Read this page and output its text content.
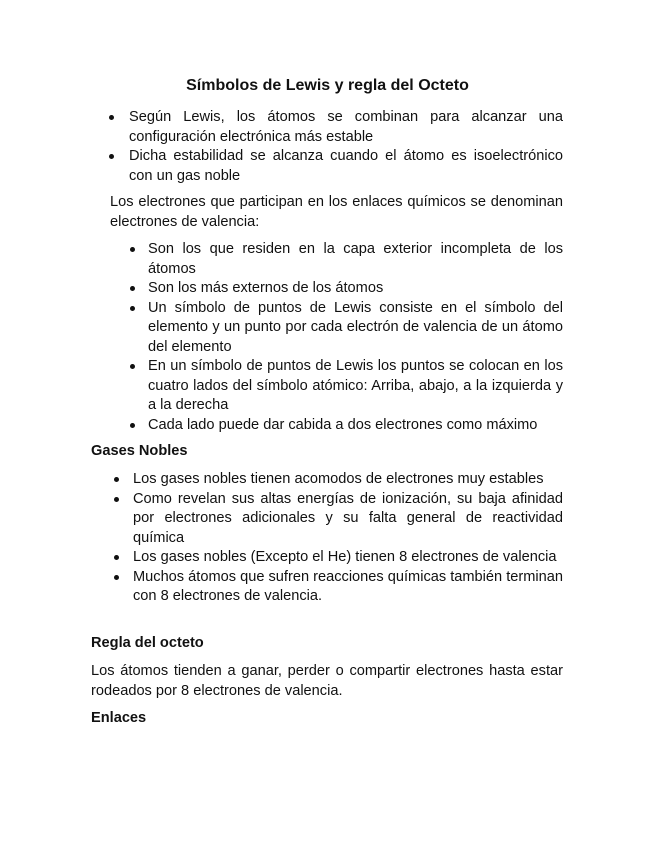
Símbolos de Lewis y regla del Octeto
Según Lewis, los átomos se combinan para alcanzar una configuración electrónica más estable
Dicha estabilidad se alcanza cuando el átomo es isoelectrónico con un gas noble

Los electrones que participan en los enlaces químicos se denominan electrones de valencia:

Son los que residen en la capa exterior incompleta de los átomos
Son los más externos de los átomos
Un símbolo de puntos de Lewis consiste en el símbolo del elemento y un punto por cada electrón de valencia de un átomo del elemento
En un símbolo de puntos de Lewis los puntos se colocan en los cuatro lados del símbolo atómico: Arriba, abajo, a la izquierda y a la derecha
Cada lado puede dar cabida a dos electrones como máximo
Gases Nobles
Los gases nobles tienen acomodos de electrones muy estables
Como revelan sus altas energías de ionización, su baja afinidad por electrones adicionales y su falta general de reactividad química
Los gases nobles (Excepto el He) tienen 8 electrones de valencia
Muchos átomos que sufren reacciones químicas también terminan con 8 electrones de valencia.
Regla del octeto

Los átomos tienden a ganar, perder o compartir electrones hasta estar rodeados por 8 electrones de valencia.

Enlaces
